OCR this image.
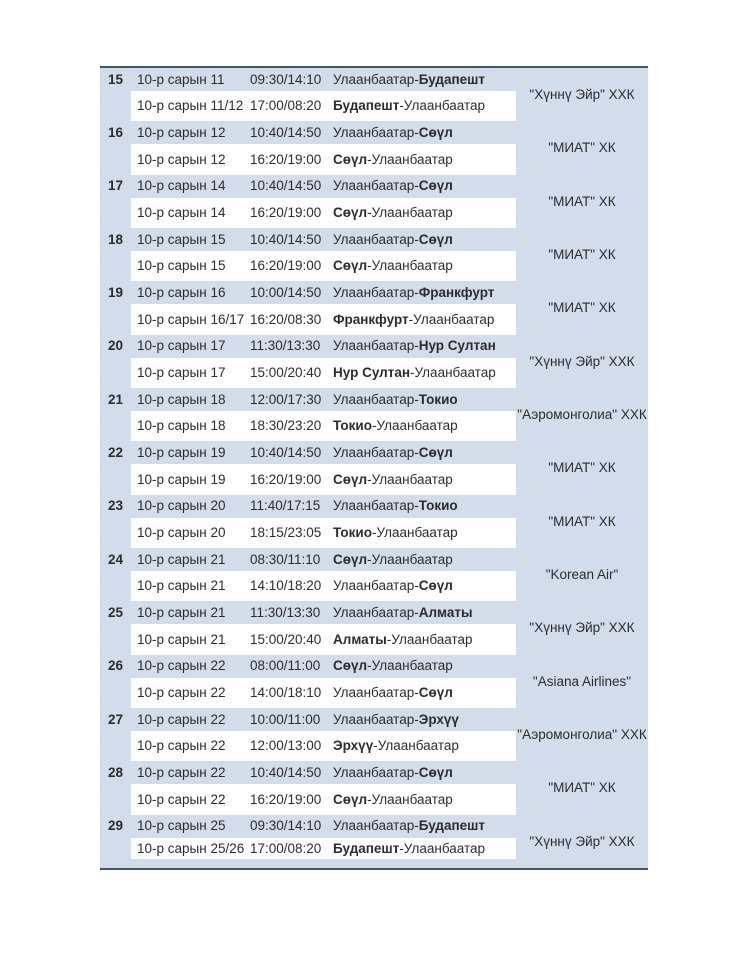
15	10-р сарын 11	09:30/14:10 Улаанбаатар-Будапешт
10-р сарын 11/12 17:00/08:20 Будапешт-Улаанбаатар
"Хүннү Эйр" ХХК
16	10-р сарын 12	10:40/14:50 Улаанбаатар-Сөүл
10-р сарын 12	16:20/19:00 Сөүл-Улаанбаатар
"МИАТ" ХК
17	10-р сарын 14	10:40/14:50 Улаанбаатар-Сөүл
10-р сарын 14	16:20/19:00 Сөүл-Улаанбаатар
"МИАТ" ХК
18	10-р сарын 15	10:40/14:50 Улаанбаатар-Сөүл
10-р сарын 15	16:20/19:00 Сөүл-Улаанбаатар
"МИАТ" ХК
19	10-р сарын 16	10:00/14:50 Улаанбаатар-Франкфурт
10-р сарын 16/17 16:20/08:30 Франкфурт-Улаанбаатар
"МИАТ" ХК
20	10-р сарын 17	11:30/13:30 Улаанбаатар-Нур Султан
10-р сарын 17	15:00/20:40 Нур Султан-Улаанбаатар
"Хүннү Эйр" ХХК
21	10-р сарын 18	12:00/17:30 Улаанбаатар-Токио
10-р сарын 18	18:30/23:20 Токио-Улаанбаатар
"Аэромонголиа" ХХК
22	10-р сарын 19	10:40/14:50 Улаанбаатар-Сөүл
10-р сарын 19	16:20/19:00 Сөүл-Улаанбаатар
"МИАТ" ХК
23	10-р сарын 20	11:40/17:15 Улаанбаатар-Токио
10-р сарын 20	18:15/23:05 Токио-Улаанбаатар
"МИАТ" ХК
24	10-р сарын 21	08:30/11:10 Сөүл-Улаанбаатар
10-р сарын 21	14:10/18:20 Улаанбаатар-Сөүл
"Korean Air"
25	10-р сарын 21	11:30/13:30 Улаанбаатар-Алматы
10-р сарын 21	15:00/20:40 Алматы-Улаанбаатар
"Хүннү Эйр" ХХК
26	10-р сарын 22	08:00/11:00 Сөүл-Улаанбаатар
10-р сарын 22	14:00/18:10 Улаанбаатар-Сөүл
"Asiana Airlines"
27	10-р сарын 22	10:00/11:00 Улаанбаатар-Эрхүү
10-р сарын 22	12:00/13:00 Эрхүү-Улаанбаатар
"Аэромонголиа" ХХК
28	10-р сарын 22	10:40/14:50 Улаанбаатар-Сөүл
10-р сарын 22	16:20/19:00 Сөүл-Улаанбаатар
"МИАТ" ХК
29	10-р сарын 25	09:30/14:10 Улаанбаатар-Будапешт
10-р сарын 25/26 17:00/08:20 Будапешт-Улаанбаатар	"Хүннү Эйр" ХХК
